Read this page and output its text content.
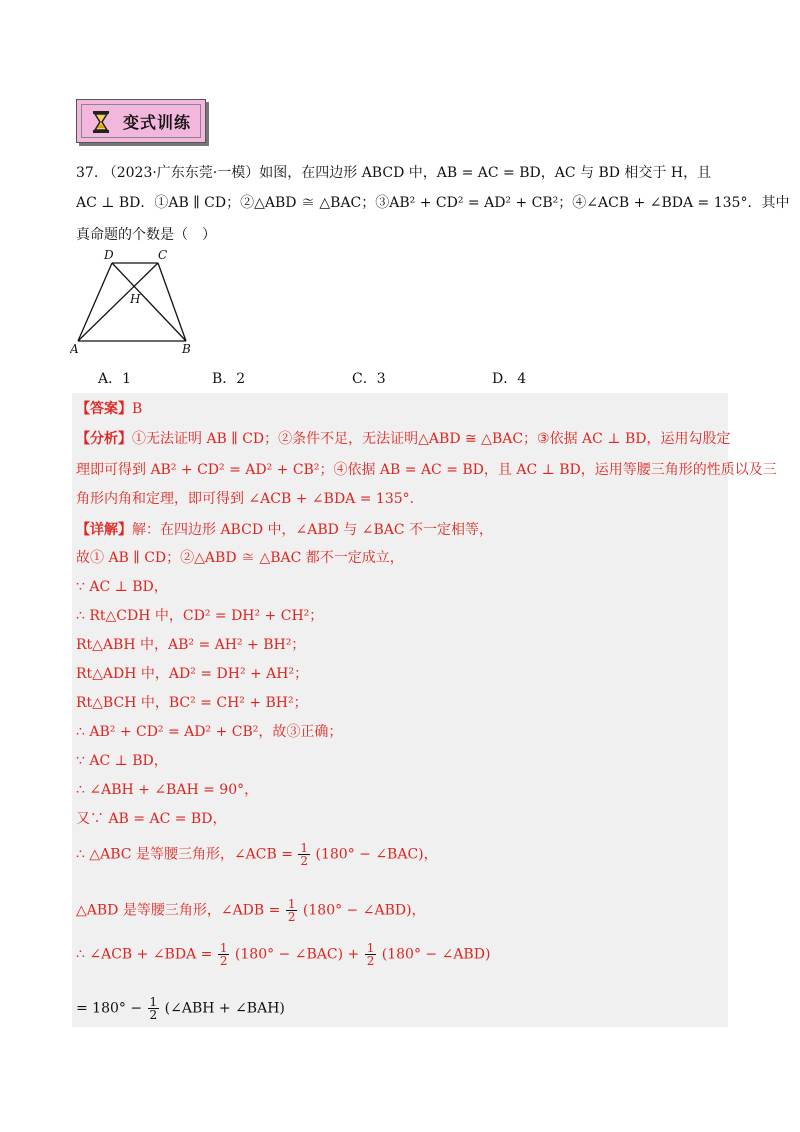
变式训练
37. （2023·广东东莞·一模）如图，在四边形 ABCD 中，AB = AC = BD，AC 与 BD 相交于 H，且
AC ⊥ BD．①AB ∥ CD；②△ABD ≅ △BAC；③AB² + CD² = AD² + CB²；④∠ACB + ∠BDA = 135°．其中
真命题的个数是（　）
D	C
H
A	B
A．1	B．2	C．3	D．4
【答案】B
【分析】①无法证明 AB ∥ CD；②条件不足，无法证明△ABD ≅ △BAC；③依据 AC ⊥ BD，运用勾股定
理即可得到 AB² + CD² = AD² + CB²；④依据 AB = AC = BD，且 AC ⊥ BD，运用等腰三角形的性质以及三
角形内角和定理，即可得到 ∠ACB + ∠BDA = 135°．
【详解】解：在四边形 ABCD 中，∠ABD 与 ∠BAC 不一定相等，
故① AB ∥ CD；②△ABD ≅ △BAC 都不一定成立，
∵ AC ⊥ BD，
∴ Rt△CDH 中，CD² = DH² + CH²；
Rt△ABH 中，AB² = AH² + BH²；
Rt△ADH 中，AD² = DH² + AH²；
Rt△BCH 中，BC² = CH² + BH²；
∴ AB² + CD² = AD² + CB²，故③正确；
∵ AC ⊥ BD，
∴ ∠ABH + ∠BAH = 90°，
又∵ AB = AC = BD，
∴ △ABC 是等腰三角形，∠ACB = $\frac{1}{2} (180^\circ$ − ∠BAC)，
△ABD 是等腰三角形，∠ADB = $\frac{1}{2} (180^\circ$ − ∠ABD)，
∴ ∠ACB + ∠BDA = $\frac{1}{2} (180^\circ$ − ∠BAC) + $\frac{1}{2} (180^\circ$ − ∠ABD)
= $180^\circ - \frac{1}{2}$ (∠ABH + ∠BAH)
